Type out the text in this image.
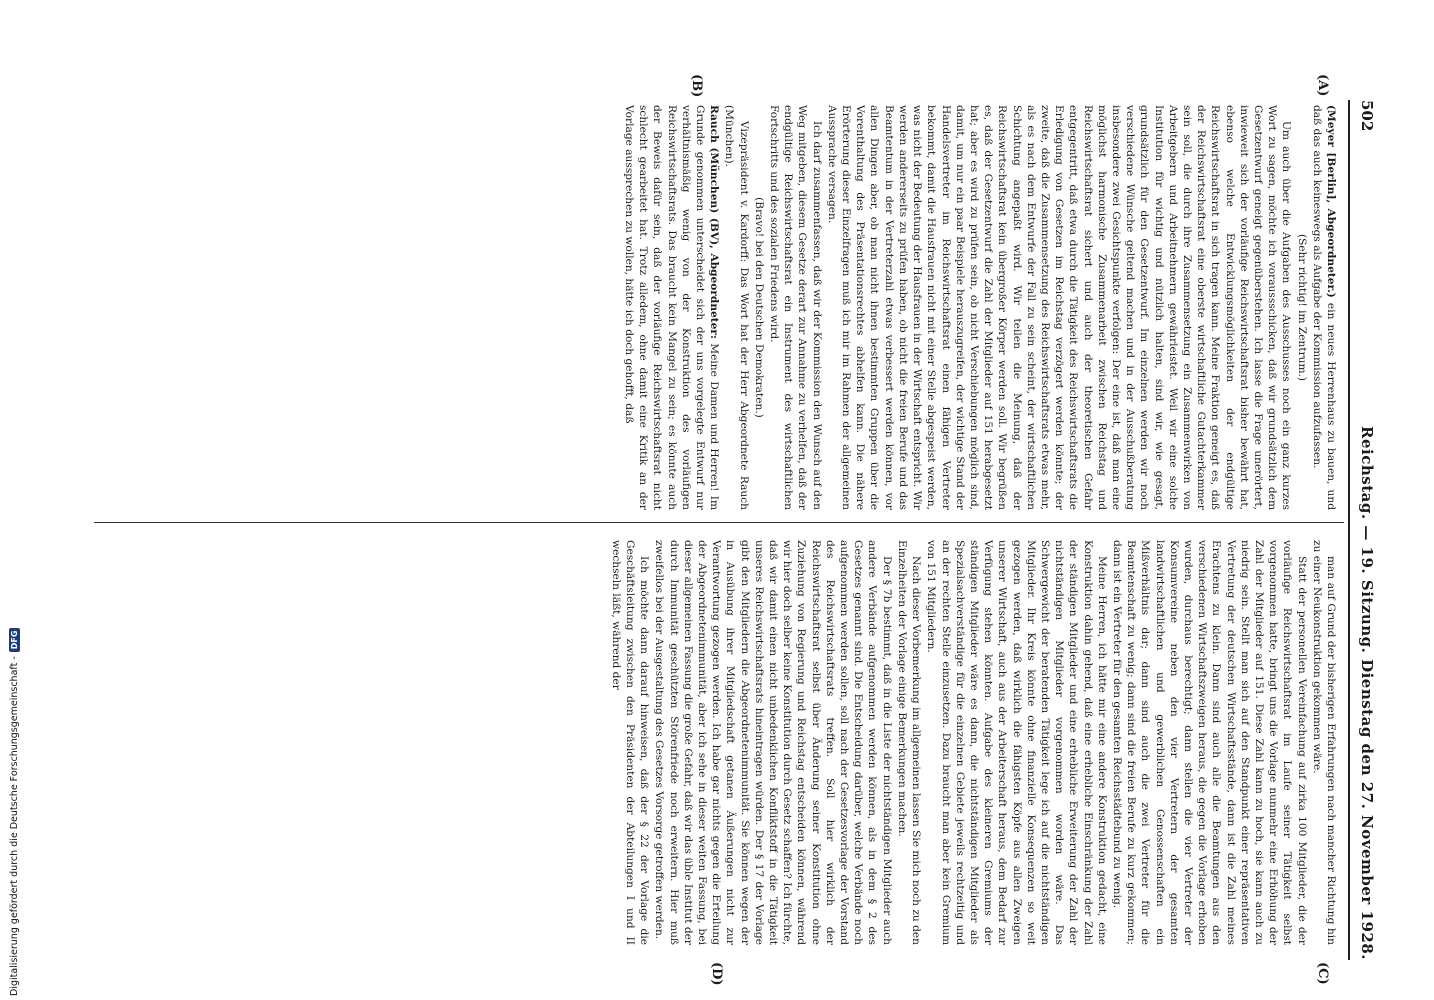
502
Reichstag. — 19. Sitzung. Dienstag den 27. November 1928.
(A)
(B)
(C)
(D)

(Meyer [Berlin], Abgeordneter.) ein neues Herrenhaus zu bauen, und daß das auch keineswegs als Aufgabe der Kommission aufzufassen.

(Sehr richtig! im Zentrum.)

Um auch über die Aufgaben des Ausschusses noch ein ganz kurzes Wort zu sagen, möchte ich voraussschicken, daß wir grundsätzlich dem Gesetzentwurf geneigt gegenüberstehen. Ich lasse die Frage unerörtert, inwieweit sich der vorläufige Reichswirtschaftsrat bisher bewährt hat, ebenso welche Entwicklungsmöglichkeiten der endgültige Reichswirtschaftsrat in sich tragen kann. Meine Fraktion geneigt es, daß der Reichswirtschaftsrat eine oberste wirtschaftliche Gutachterkammer sein soll, die durch ihre Zusammensetzung ein Zusammenwirken von Arbeitgebern und Arbeitnehmern gewährleistet. Weil wir eine solche Institution für wichtig und nützlich halten, sind wir, wie gesagt, grundsätzlich für den Gesetzentwurf. Im einzelnen werden wir noch verschiedene Wünsche geltend machen und in der Ausschußberatung insbesondere zwei Gesichtspunkte verfolgen: Der eine ist, daß man eine möglichst harmonische Zusammenarbeit zwischen Reichstag und Reichswirtschaftsrat sichert und auch der theoretischen Gefahr entgegentritt, daß etwa durch die Tätigkeit des Reichswirtschaftsrats die Erledigung von Gesetzen im Reichstag verzögert werden könnte; der zweite, daß die Zusammensetzung des Reichswirtschaftsrats etwas mehr, als es nach dem Entwurfe der Fall zu sein scheint, der wirtschaftlichen Schichtung angepaßt wird. Wir teilen die Meinung, daß der Reichswirtschaftsrat kein übergroßer Körper werden soll. Wir begrüßen es, daß der Gesetzentwurf die Zahl der Mitglieder auf 151 herabgesetzt hat; aber es wird zu prüfen sein, ob nicht Verschiebungen möglich sind, damit, um nur ein paar Beispiele herauszugreifen, der wichtige Stand der Handelsvertreter im Reichswirtschaftsrat einen fähigen Vertreter bekommt, damit die Hausfrauen nicht mit einer Stelle abgespeist werden, was nicht der Bedeutung der Hausfrauen in der Wirtschaft entspricht. Wir werden andererseits zu prüfen haben, ob nicht die freien Berufe und das Beamtentum in der Vertreterzahl etwas verbessert werden können, vor allen Dingen aber, ob man nicht ihnen bestimmten Gruppen über die Vorenthaltung des Präsentationsrechtes abhelfen kann. Die nähere Erörterung dieser Einzelfragen muß ich mir im Rahmen der allgemeinen Aussprache versagen.

Ich darf zusammenfassen, daß wir der Kommission den Wunsch auf den Weg mitgeben, diesem Gesetze derart zur Annahme zu verhelfen, daß der endgültige Reichswirtschaftsrat ein Instrument des wirtschaftlichen Fortschritts und des sozialen Friedens wird.

(Bravo! bei den Deutschen Demokraten.)

Vizepräsident v. Kardorff: Das Wort hat der Herr Abgeordnete Rauch (München).

Rauch (München) (BV), Abgeordneter: Meine Damen und Herren! Im Grunde genommen unterscheidet sich der uns vorgelegte Entwurf nur verhältnismäßig wenig von der Konstruktion des vorläufigen Reichswirtschaftsrats. Das braucht kein Mangel zu sein; es könnte auch der Beweis dafür sein, daß der vorläufige Reichswirtschaftsrat nicht schlecht gearbeitet hat. Trotz alledem, ohne damit eine Kritik an der Vorlage aussprechen zu wollen, hätte ich doch gehofft, daß

man auf Grund der bisherigen Erfahrungen nach mancher Richtung hin zu einer Neukonstruktion gekommen wäre.

Statt der personellen Vereinfachung auf zirka 100 Mitglieder, die der vorläufige Reichswirtschaftsrat im Laufe seiner Tätigkeit selbst vorgenommen hatte, bringt uns die Vorlage nunmehr eine Erhöhung der Zahl der Mitglieder auf 151. Diese Zahl kann zu hoch, sie kann auch zu niedrig sein. Stellt man sich auf den Standpunkt einer repräsentativen Vertretung der deutschen Wirtschaftsstände, dann ist die Zahl meines Erachtens zu klein. Dann sind auch alle die Beamtungen aus den verschiedenen Wirtschaftszweigen heraus, die gegen die Vorlage erhoben wurden, durchaus berechtigt; dann stellen die vier Vertreter der Konsumvereine neben den vier Vertretern der gesamten landwirtschaftlichen und gewerblichen Genossenschaften ein Mißverhältnis dar; dann sind auch die zwei Vertreter für die Beamtenschaft zu wenig; dann sind die freien Berufe zu kurz gekommen; dann ist ein Vertreter für den gesamten Reichsstädtebund zu wenig.

Meine Herren, ich hätte mir eine andere Konstruktion gedacht, eine Konstruktion dahin gehend, daß eine erhebliche Einschränkung der Zahl der ständigen Mitglieder und eine erhebliche Erweiterung der Zahl der nichtständigen Mitglieder vorgenommen worden wäre. Das Schwergewicht der beratenden Tätigkeit lege ich auf die nichtständigen Mitglieder. Ihr Kreis könnte ohne finanzielle Konsequenzen so weit gezogen werden, daß wirklich die fähigsten Köpfe aus allen Zweigen unserer Wirtschaft, auch aus der Arbeiterschaft heraus, dem Bedarf zur Verfügung stehen könnten. Aufgabe des kleineren Gremiums der ständigen Mitglieder wäre es dann, die nichtständigen Mitglieder als Spezialsachverständige für die einzelnen Gebiete jeweils rechtzeitig und an der rechten Stelle einzusetzen. Dazu braucht man aber kein Gremium von 151 Mitgliedern.

Nach dieser Vorbemerkung im allgemeinen lassen Sie mich noch zu den Einzelheiten der Vorlage einige Bemerkungen machen.

Der § 7b bestimmt, daß in die Liste der nichtständigen Mitglieder auch andere Verbände aufgenommen werden können, als in dem § 2 des Gesetzes genannt sind. Die Entscheidung darüber, welche Verbände noch aufgenommen werden sollen, soll nach der Gesetzesvorlage der Vorstand des Reichswirtschaftsrats treffen. Soll hier wirklich der Reichswirtschaftsrat selbst über Änderung seiner Konstitution ohne Zuziehung von Regierung und Reichstag entscheiden können, während wir hier doch selber keine Konstitution durch Gesetz schaffen? Ich fürchte, daß wir damit einen nicht unbedenklichen Konfliktstoff in die Tätigkeit unseres Reichswirtschaftsrats hineintragen würden. Der § 17 der Vorlage gibt den Mitgliedern die Abgeordnetenimmunität. Sie können wegen der in Ausübung ihrer Mitgliedschaft getanen Äußerungen nicht zur Verantwortung gezogen werden. Ich habe gar nichts gegen die Erteilung der Abgeordnetenimmunität, aber ich sehe in dieser weiten Fassung, bei dieser allgemeinen Fassung die große Gefahr, daß wir das üble Institut der durch Immunität geschützten Störenfriede noch erweitern. Hier muß zweifellos bei der Ausgestaltung des Gesetzes Vorsorge getroffen werden.

Ich möchte dann darauf hinweisen, daß der § 22 der Vorlage die Geschäftsleitung zwischen den Präsidenten der Abteilungen I und II wechseln läßt, während der

Digitalisierung gefördert durch die Deutsche Forschungsgemeinschaft -
DFG
